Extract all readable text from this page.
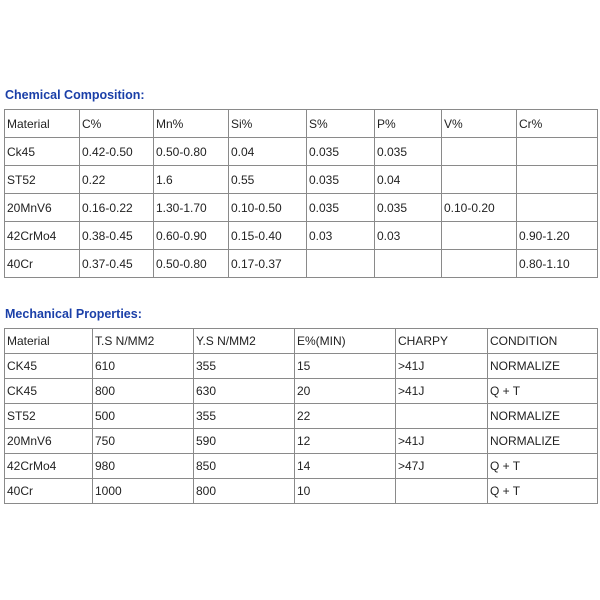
Chemical Composition:
Material	C%	Mn%	Si%	S%	P%	V%	Cr%
Ck45	0.42-0.50	0.50-0.80	0.04	0.035	0.035		
ST52	0.22	1.6	0.55	0.035	0.04		
20MnV6	0.16-0.22	1.30-1.70	0.10-0.50	0.035	0.035	0.10-0.20	
42CrMo4	0.38-0.45	0.60-0.90	0.15-0.40	0.03	0.03		0.90-1.20
40Cr	0.37-0.45	0.50-0.80	0.17-0.37				0.80-1.10
Mechanical Properties:
Material	T.S N/MM2	Y.S N/MM2	E%(MIN)	CHARPY	CONDITION
CK45	610	355	15	>41J	NORMALIZE
CK45	800	630	20	>41J	Q + T
ST52	500	355	22		NORMALIZE
20MnV6	750	590	12	>41J	NORMALIZE
42CrMo4	980	850	14	>47J	Q + T
40Cr	1000	800	10		Q + T
